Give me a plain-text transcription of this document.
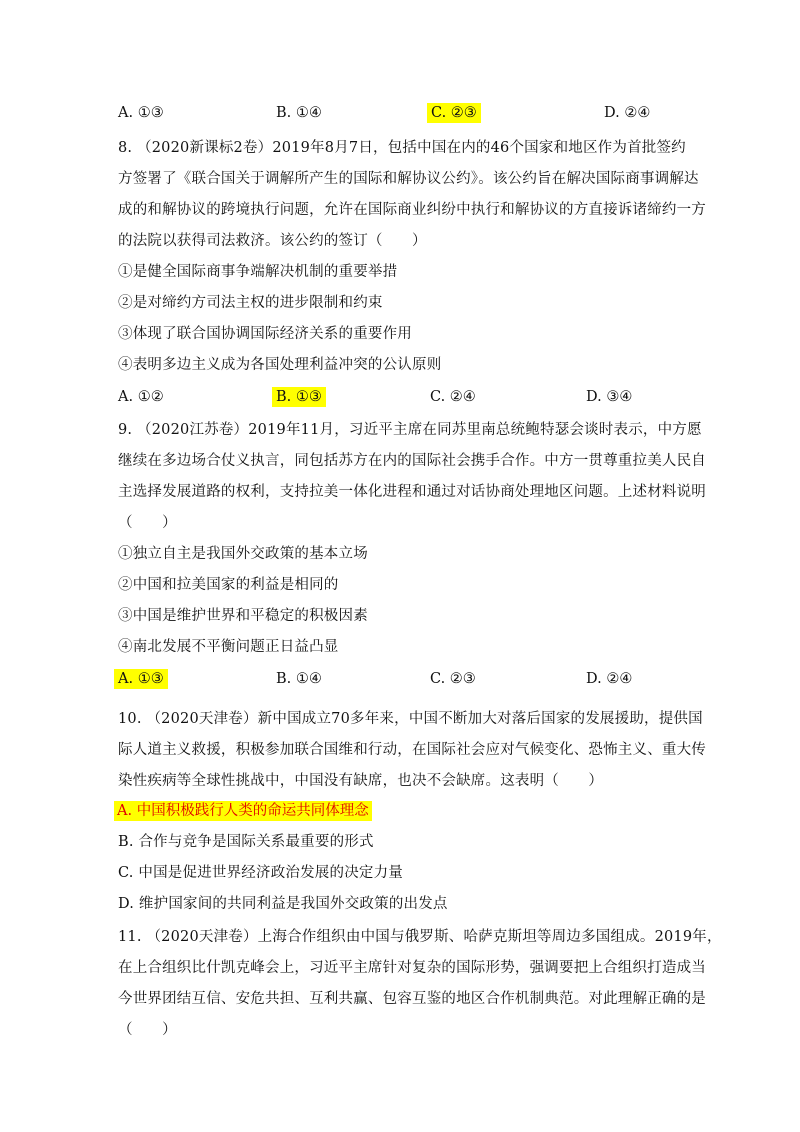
A. ①③	B. ①④	C. ②③	D. ②④
8. （2020新课标2卷）2019年8月7日，包括中国在内的46个国家和地区作为首批签约
方签署了《联合国关于调解所产生的国际和解协议公约》。该公约旨在解决国际商事调解达
成的和解协议的跨境执行问题，允许在国际商业纠纷中执行和解协议的方直接诉诸缔约一方
的法院以获得司法救济。该公约的签订（　　）
①是健全国际商事争端解决机制的重要举措
②是对缔约方司法主权的进步限制和约束
③体现了联合国协调国际经济关系的重要作用
④表明多边主义成为各国处理利益冲突的公认原则
A. ①②	B. ①③	C. ②④	D. ③④
9. （2020江苏卷）2019年11月，习近平主席在同苏里南总统鲍特瑟会谈时表示，中方愿
继续在多边场合仗义执言，同包括苏方在内的国际社会携手合作。中方一贯尊重拉美人民自
主选择发展道路的权利，支持拉美一体化进程和通过对话协商处理地区问题。上述材料说明
（　　）
①独立自主是我国外交政策的基本立场
②中国和拉美国家的利益是相同的
③中国是维护世界和平稳定的积极因素
④南北发展不平衡问题正日益凸显
A. ①③	B. ①④	C. ②③	D. ②④
10. （2020天津卷）新中国成立70多年来，中国不断加大对落后国家的发展援助，提供国
际人道主义救援，积极参加联合国维和行动，在国际社会应对气候变化、恐怖主义、重大传
染性疾病等全球性挑战中，中国没有缺席，也决不会缺席。这表明（　　）
A. 中国积极践行人类的命运共同体理念
B. 合作与竞争是国际关系最重要的形式
C. 中国是促进世界经济政治发展的决定力量
D. 维护国家间的共同利益是我国外交政策的出发点
11. （2020天津卷）上海合作组织由中国与俄罗斯、哈萨克斯坦等周边多国组成。2019年，
在上合组织比什凯克峰会上，习近平主席针对复杂的国际形势，强调要把上合组织打造成当
今世界团结互信、安危共担、互利共赢、包容互鉴的地区合作机制典范。对此理解正确的是
（　　）
